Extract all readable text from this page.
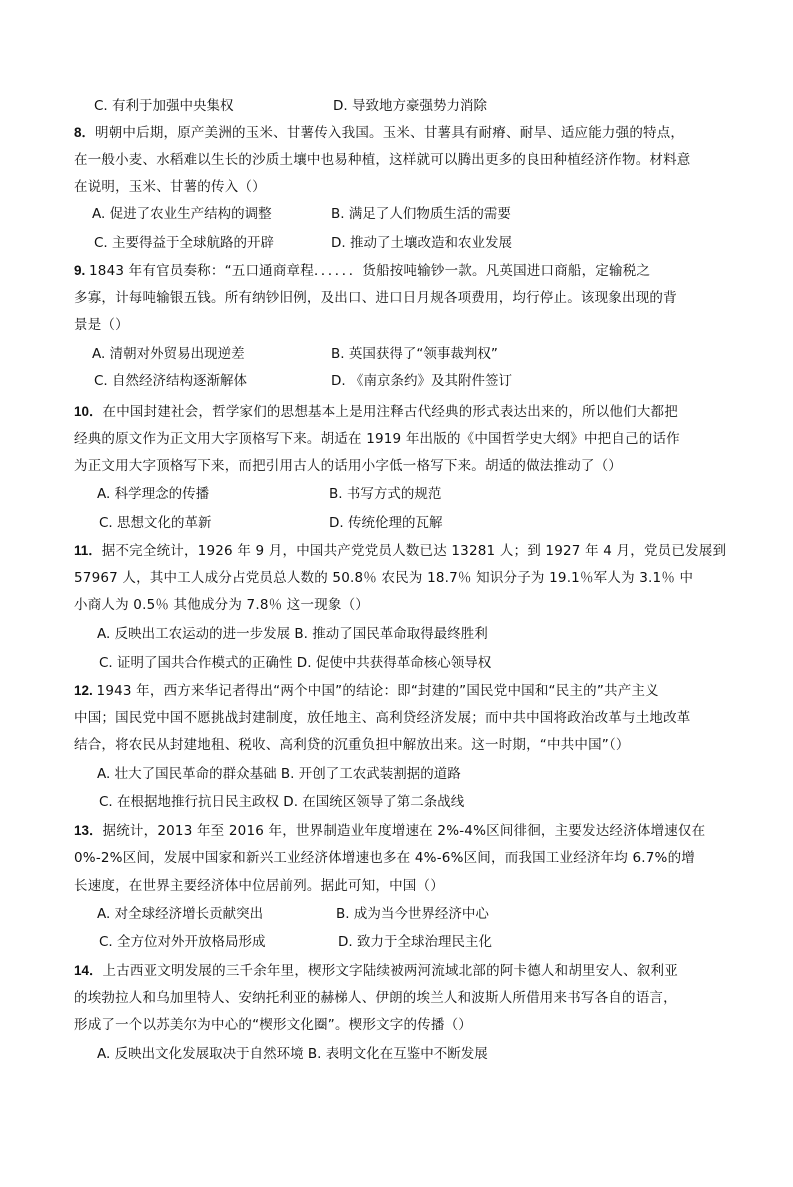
C. 有利于加强中央集权	D. 导致地方豪强势力消除
8．明朝中后期，原产美洲的玉米、甘薯传入我国。玉米、甘薯具有耐瘠、耐旱、适应能力强的特点，
在一般小麦、水稻难以生长的沙质土壤中也易种植，这样就可以腾出更多的良田种植经济作物。材料意
在说明，玉米、甘薯的传入（）
A. 促进了农业生产结构的调整	B. 满足了人们物质生活的需要
C. 主要得益于全球航路的开辟	D. 推动了土壤改造和农业发展
9. 1843 年有官员奏称：“五口通商章程．．．．．．货船按吨输钞一款。凡英国进口商船，定输税之
多寡，计每吨输银五钱。所有纳钞旧例，及出口、进口日月规各项费用，均行停止。该现象出现的背
景是（）
A. 清朝对外贸易出现逆差	B. 英国获得了“领事裁判权”
C. 自然经济结构逐渐解体	D. 《南京条约》及其附件签订
10．在中国封建社会，哲学家们的思想基本上是用注释古代经典的形式表达出来的，所以他们大都把
经典的原文作为正文用大字顶格写下来。胡适在 1919 年出版的《中国哲学史大纲》中把自己的话作
为正文用大字顶格写下来，而把引用古人的话用小字低一格写下来。胡适的做法推动了（）
A. 科学理念的传播	B. 书写方式的规范
C. 思想文化的革新	D. 传统伦理的瓦解
11．据不完全统计，1926 年 9 月，中国共产党党员人数已达 13281 人；到 1927 年 4 月，党员已发展到
57967 人，其中工人成分占党员总人数的 50.8％ 农民为 18.7％ 知识分子为 19.1％军人为 3.1％ 中
小商人为 0.5％ 其他成分为 7.8％ 这一现象（）
A. 反映出工农运动的进一步发展 B. 推动了国民革命取得最终胜利
C. 证明了国共合作模式的正确性 D. 促使中共获得革命核心领导权
12. 1943 年，西方来华记者得出“两个中国”的结论：即“封建的”国民党中国和“民主的”共产主义
中国；国民党中国不愿挑战封建制度，放任地主、高利贷经济发展；而中共中国将政治改革与土地改革
结合，将农民从封建地租、税收、高利贷的沉重负担中解放出来。这一时期，“中共中国”（）
A. 壮大了国民革命的群众基础 B. 开创了工农武装割据的道路
C. 在根据地推行抗日民主政权 D. 在国统区领导了第二条战线
13．据统计，2013 年至 2016 年，世界制造业年度增速在 2%-4%区间徘徊，主要发达经济体增速仅在
0%-2%区间，发展中国家和新兴工业经济体增速也多在 4%-6%区间，而我国工业经济年均 6.7%的增
长速度，在世界主要经济体中位居前列。据此可知，中国（）
A. 对全球经济增长贡献突出	B. 成为当今世界经济中心
C. 全方位对外开放格局形成	D. 致力于全球治理民主化
14．上古西亚文明发展的三千余年里，楔形文字陆续被两河流域北部的阿卡德人和胡里安人、叙利亚
的埃勃拉人和乌加里特人、安纳托利亚的赫梯人、伊朗的埃兰人和波斯人所借用来书写各自的语言，
形成了一个以苏美尔为中心的“楔形文化圈”。楔形文字的传播（）
A. 反映出文化发展取决于自然环境 B. 表明文化在互鉴中不断发展
